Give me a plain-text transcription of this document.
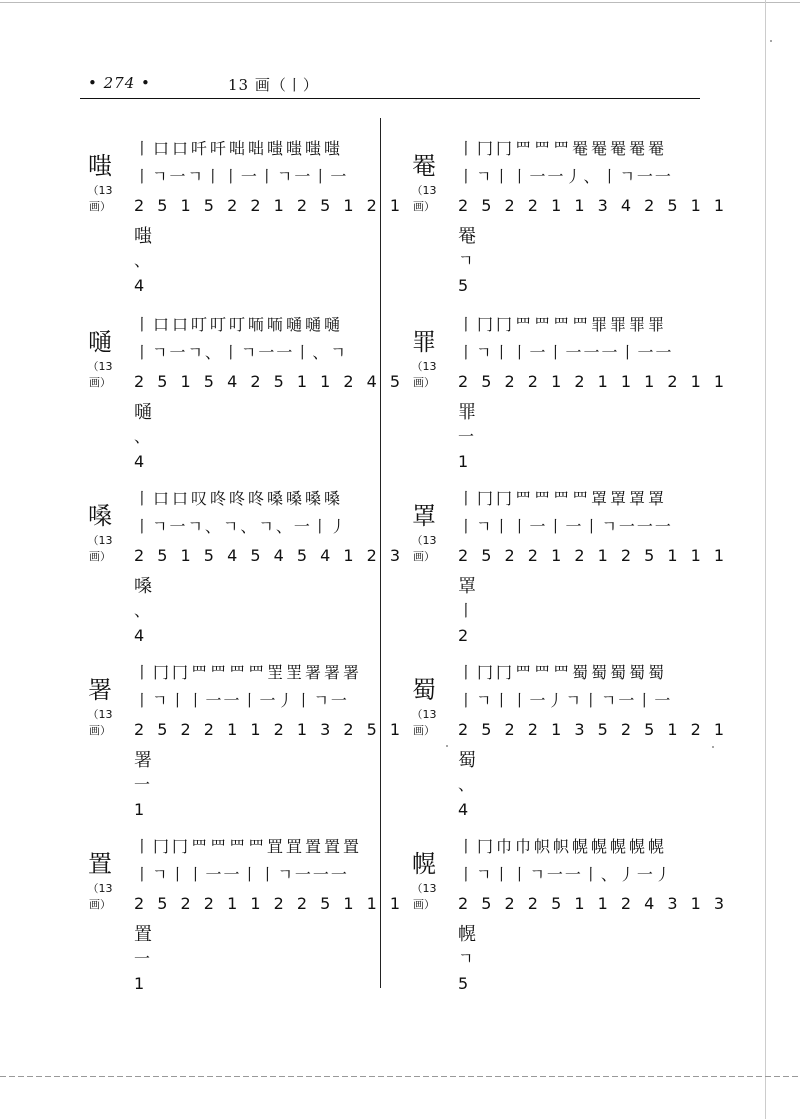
• 274 •	13 画（丨）
嗤
（13画）
丨口口吀吀咄咄嗤嗤嗤嗤
丨ㄱ一ㄱ丨丨一丨ㄱ一丨一
2 5 1 5 2 2 1 2 5 1 2 1
嗤
、
4
嗵
（13画）
丨口口叮叮叮㖇㖇嗵嗵嗵
丨ㄱ一ㄱ、丨ㄱ一一丨、ㄱ
2 5 1 5 4 2 5 1 1 2 4 5
嗵
、
4
嗓
（13画）
丨口口叹咚咚咚嗓嗓嗓嗓
丨ㄱ一ㄱ、ㄱ、ㄱ、一丨丿
2 5 1 5 4 5 4 5 4 1 2 3
嗓
、
4
署
（13画）
丨冂冂罒罒罒罒罜罜署署署
丨ㄱ丨丨一一丨一丿丨ㄱ一
2 5 2 2 1 1 2 1 3 2 5 1
署
一
1
置
（13画）
丨冂冂罒罒罒罒罝罝置置置
丨ㄱ丨丨一一丨丨ㄱ一一一
2 5 2 2 1 1 2 2 5 1 1 1
置
一
1
罨
（13画）
丨冂冂罒罒罒罨罨罨罨罨
丨ㄱ丨丨一一丿、丨ㄱ一一
2 5 2 2 1 1 3 4 2 5 1 1
罨
ㄱ
5
罪
（13画）
丨冂冂罒罒罒罒罪罪罪罪
丨ㄱ丨丨一丨一一一丨一一
2 5 2 2 1 2 1 1 1 2 1 1
罪
一
1
罩
（13画）
丨冂冂罒罒罒罒罩罩罩罩
丨ㄱ丨丨一丨一丨ㄱ一一一
2 5 2 2 1 2 1 2 5 1 1 1
罩
丨
2
蜀
（13画）
丨冂冂罒罒罒蜀蜀蜀蜀蜀
丨ㄱ丨丨一丿ㄱ丨ㄱ一丨一
2 5 2 2 1 3 5 2 5 1 2 1
蜀
、
4
幌
（13画）
丨冂巾巾帜帜幌幌幌幌幌
丨ㄱ丨丨ㄱ一一丨、丿一丿
2 5 2 2 5 1 1 2 4 3 1 3
幌
ㄱ
5
